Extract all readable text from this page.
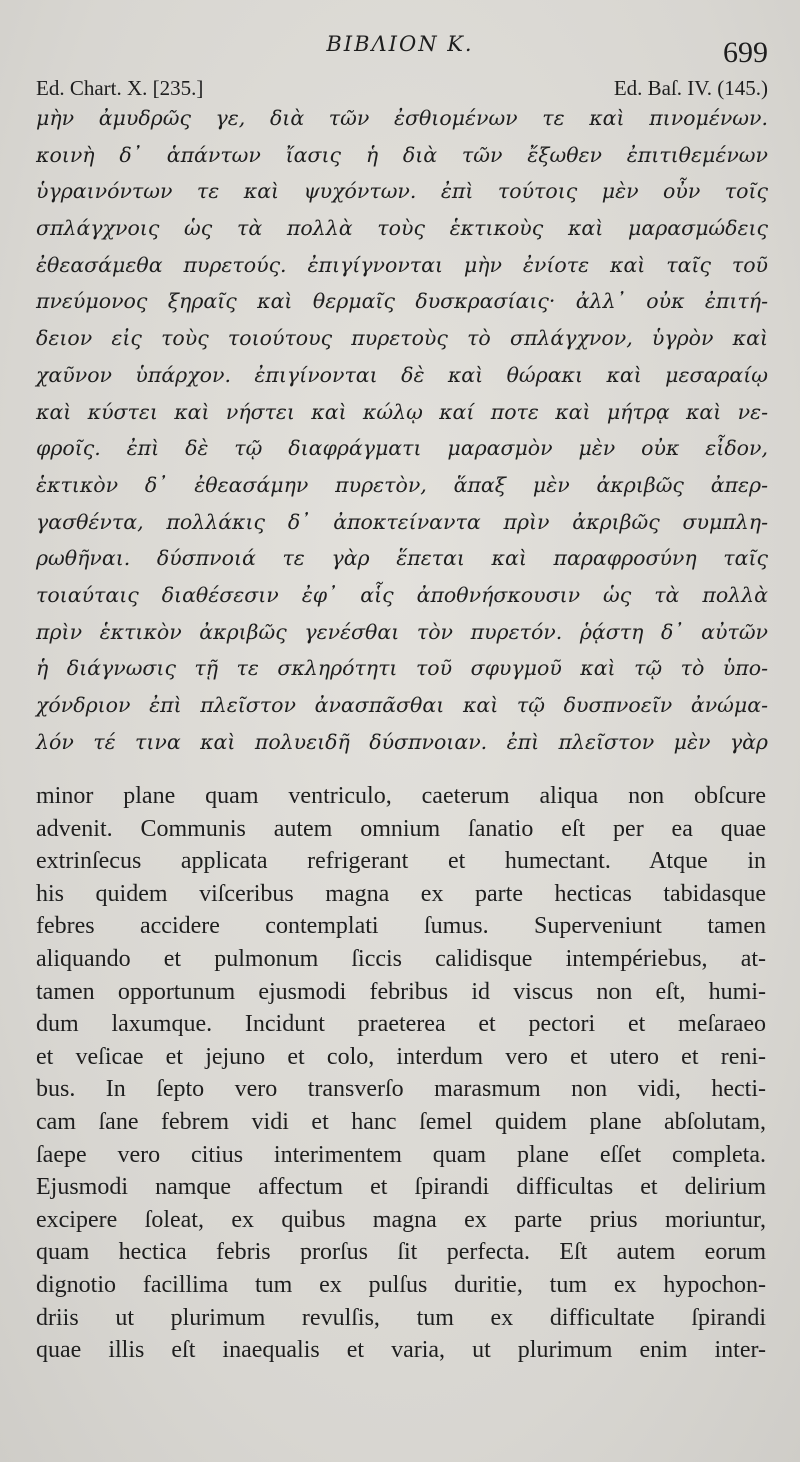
BIBΛΙΟΝ Κ.	699
Ed. Chart. X. [235.]	Ed. Baſ. IV. (145.)
μὴν ἀμυδρῶς γε, διὰ τῶν ἐσθιομένων τε καὶ πινομένων.
κοινὴ δ᾽ ἁπάντων ἴασις ἡ διὰ τῶν ἔξωθεν ἐπιτιθεμένων
ὑγραινόντων τε καὶ ψυχόντων. ἐπὶ τούτοις μὲν οὖν τοῖς
σπλάγχνοις ὡς τὰ πολλὰ τοὺς ἑκτικοὺς καὶ μαρασμώδεις
ἐθεασάμεθα πυρετούς. ἐπιγίγνονται μὴν ἐνίοτε καὶ ταῖς τοῦ
πνεύμονος ξηραῖς καὶ θερμαῖς δυσκρασίαις· ἀλλ᾽ οὐκ ἐπιτή-
δειον εἰς τοὺς τοιούτους πυρετοὺς τὸ σπλάγχνον, ὑγρὸν καὶ
χαῦνον ὑπάρχον. ἐπιγίνονται δὲ καὶ θώρακι καὶ μεσαραίῳ
καὶ κύστει καὶ νήστει καὶ κώλῳ καί ποτε καὶ μήτρᾳ καὶ νε-
φροῖς. ἐπὶ δὲ τῷ διαφράγματι μαρασμὸν μὲν οὐκ εἶδον,
ἑκτικὸν δ᾽ ἐθεασάμην πυρετὸν, ἅπαξ μὲν ἀκριβῶς ἀπερ-
γασθέντα, πολλάκις δ᾽ ἀποκτείναντα πρὶν ἀκριβῶς συμπλη-
ρωθῆναι. δύσπνοιά τε γὰρ ἕπεται καὶ παραφροσύνη ταῖς
τοιαύταις διαθέσεσιν ἐφ᾽ αἷς ἀποθνήσκουσιν ὡς τὰ πολλὰ
πρὶν ἑκτικὸν ἀκριβῶς γενέσθαι τὸν πυρετόν. ῥᾴστη δ᾽ αὐτῶν
ἡ διάγνωσις τῇ τε σκληρότητι τοῦ σφυγμοῦ καὶ τῷ τὸ ὑπο-
χόνδριον ἐπὶ πλεῖστον ἀνασπᾶσθαι καὶ τῷ δυσπνοεῖν ἀνώμα-
λόν τέ τινα καὶ πολυειδῆ δύσπνοιαν. ἐπὶ πλεῖστον μὲν γὰρ
minor plane quam ventriculo, caeterum aliqua non obſcure
advenit. Communis autem omnium ſanatio eſt per ea quae
extrinſecus applicata refrigerant et humectant. Atque in
his quidem viſceribus magna ex parte hecticas tabidasque
febres accidere contemplati ſumus. Superveniunt tamen
aliquando et pulmonum ſiccis calidisque intempériebus, at-
tamen opportunum ejusmodi febribus id viscus non eſt, humi-
dum laxumque. Incidunt praeterea et pectori et meſaraeo
et veſicae et jejuno et colo, interdum vero et utero et reni-
bus. In ſepto vero transverſo marasmum non vidi, hecti-
cam ſane febrem vidi et hanc ſemel quidem plane abſolutam,
ſaepe vero citius interimentem quam plane eſſet completa.
Ejusmodi namque affectum et ſpirandi difficultas et delirium
excipere ſoleat, ex quibus magna ex parte prius moriuntur,
quam hectica febris prorſus ſit perfecta. Eſt autem eorum
dignotio facillima tum ex pulſus duritie, tum ex hypochon-
driis ut plurimum revulſis, tum ex difficultate ſpirandi
quae illis eſt inaequalis et varia, ut plurimum enim inter-
